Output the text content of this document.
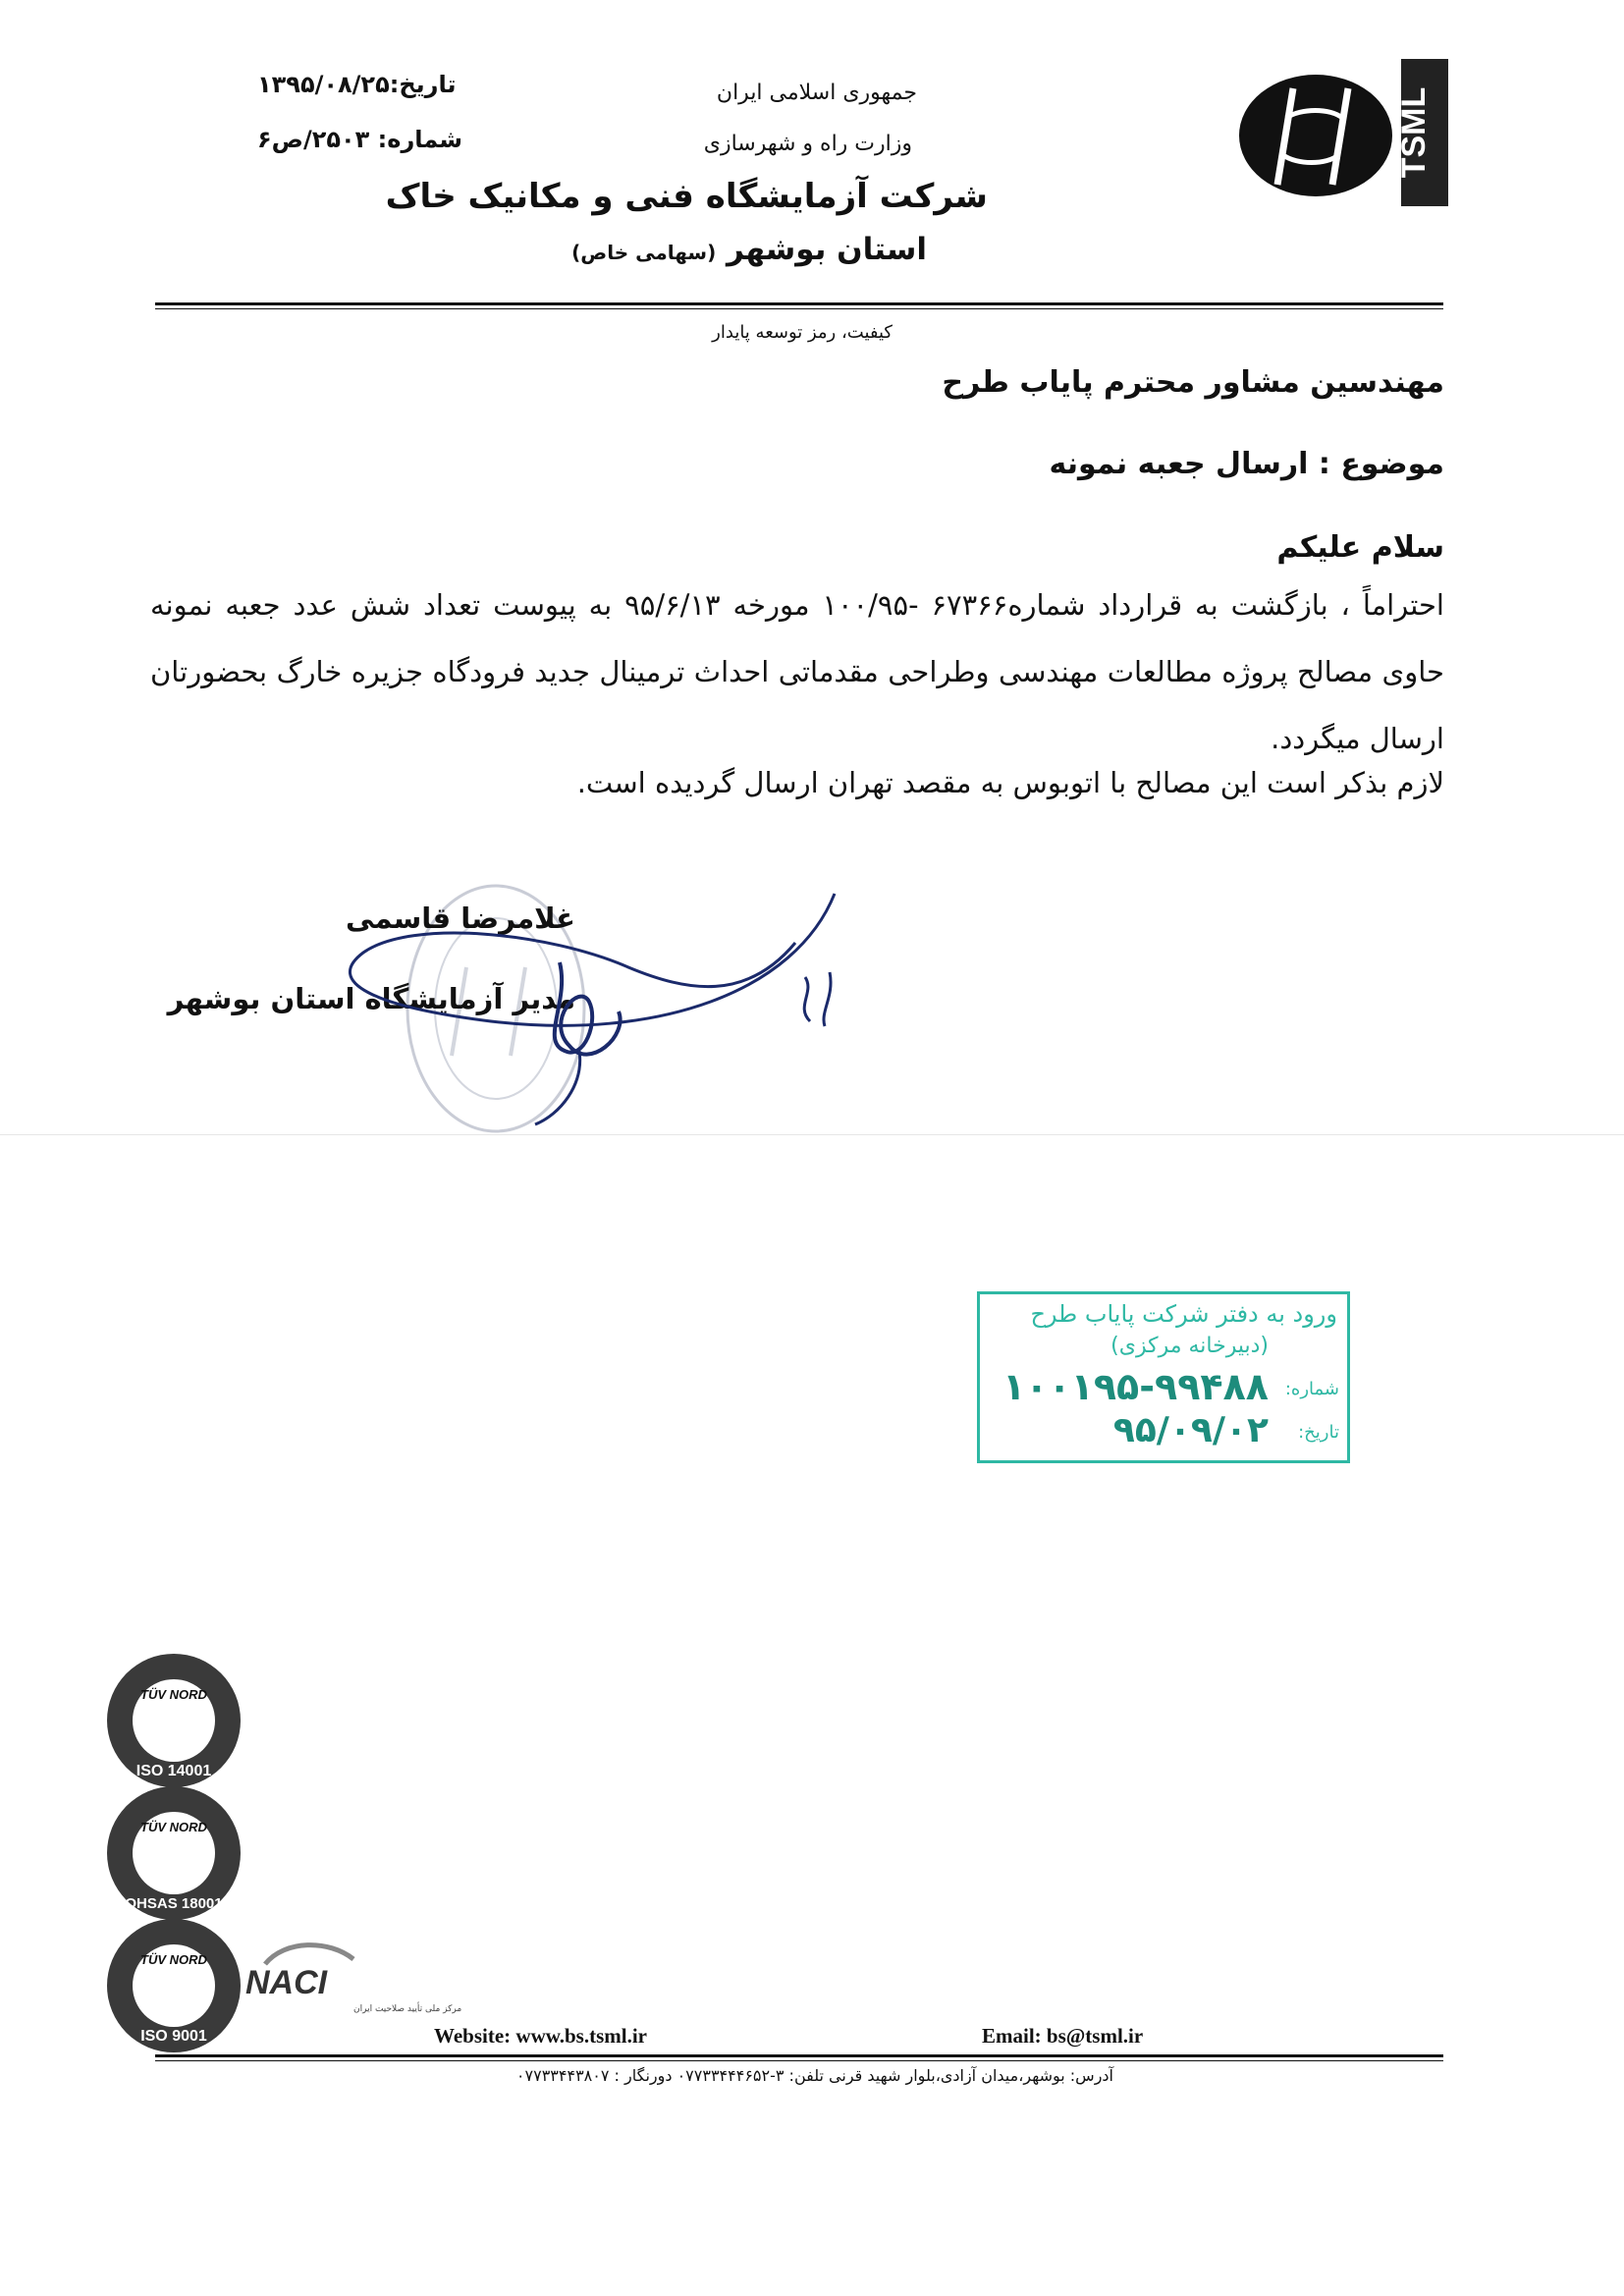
TSML
جمهوری اسلامی ایران
وزارت راه و شهرسازی
شرکت آزمایشگاه فنی و مکانیک خاک
استان بوشهر (سهامی خاص)
تاریخ:۱۳۹۵/۰۸/۲۵
شماره: ۲۵۰۳/ص۶
کیفیت، رمز توسعه پایدار
مهندسین مشاور محترم پایاب طرح
موضوع : ارسال جعبه نمونه
سلام علیکم

احتراماً ، بازگشت به قرارداد شماره۶۷۳۶۶ -۱۰۰/۹۵ مورخه ۹۵/۶/۱۳ به پیوست تعداد شش عدد جعبه نمونه حاوی مصالح پروژه مطالعات مهندسی وطراحی مقدماتی احداث ترمینال جدید فرودگاه جزیره خارگ بحضورتان ارسال میگردد.

لازم بذکر است این مصالح با اتوبوس به مقصد تهران ارسال گردیده است.
غلامرضا قاسمی
مدیر آزمایشگاه استان بوشهر
ورود به دفتر شرکت پایاب طرح
(دبیرخانه مرکزی)
شماره:
۱۰۰۱۹۵-۹۹۴۸۸
تاریخ:
۹۵/۰۹/۰۲
TÜV NORD
ISO 14001
TÜV NORD
OHSAS 18001
TÜV NORD
ISO 9001
NACI
مرکز ملی تأیید صلاحیت ایران
Website: www.bs.tsml.ir	Email: bs@tsml.ir
آدرس: بوشهر،میدان آزادی،بلوار شهید قرنی تلفن: ۳-۰۷۷۳۳۴۴۴۶۵۲ دورنگار : ۰۷۷۳۳۴۴۳۸۰۷
